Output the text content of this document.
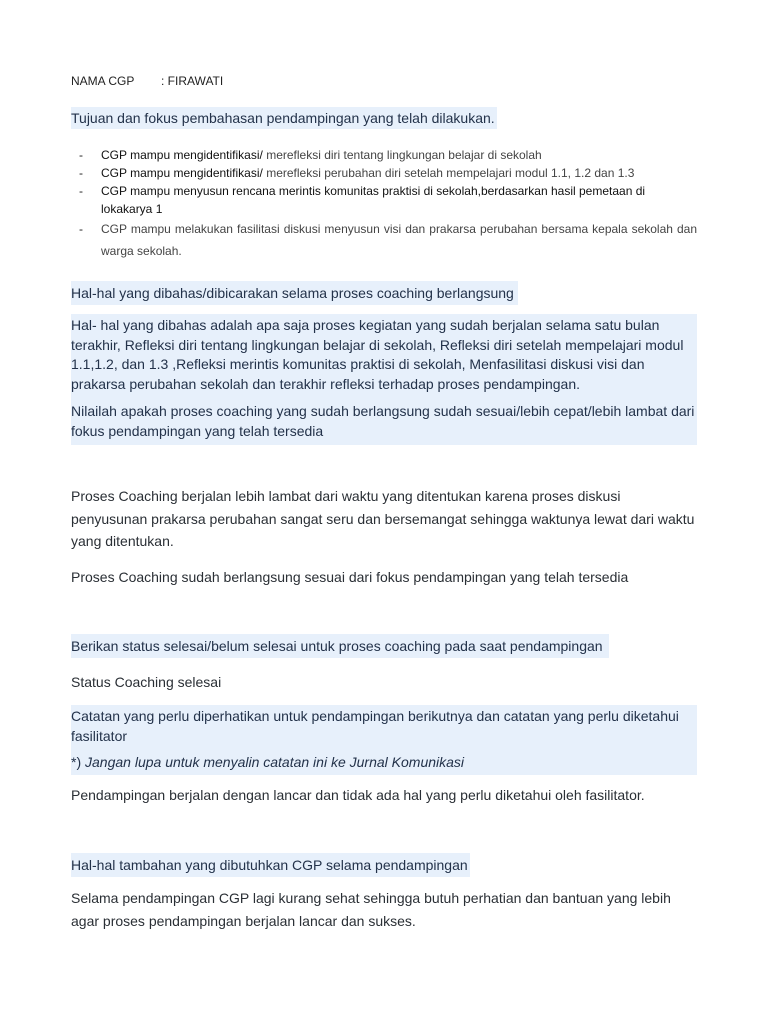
NAMA CGP : FIRAWATI
Tujuan dan fokus pembahasan pendampingan yang telah dilakukan.
- CGP mampu mengidentifikasi/ merefleksi diri tentang lingkungan belajar di sekolah
- CGP mampu mengidentifikasi/ merefleksi perubahan diri setelah mempelajari modul 1.1, 1.2 dan 1.3
- CGP mampu menyusun rencana merintis komunitas praktisi di sekolah,berdasarkan hasil pemetaan di lokakarya 1
- CGP mampu melakukan fasilitasi diskusi menyusun visi dan prakarsa perubahan bersama kepala sekolah dan warga sekolah.
Hal-hal yang dibahas/dibicarakan selama proses coaching berlangsung

Hal- hal yang dibahas adalah apa saja proses kegiatan yang sudah berjalan selama satu bulan terakhir, Refleksi diri tentang lingkungan belajar di sekolah, Refleksi diri setelah mempelajari modul 1.1,1.2, dan 1.3 ,Refleksi merintis komunitas praktisi di sekolah, Menfasilitasi diskusi visi dan prakarsa perubahan sekolah dan terakhir refleksi terhadap proses pendampingan.

Nilailah apakah proses coaching yang sudah berlangsung sudah sesuai/lebih cepat/lebih lambat dari fokus pendampingan yang telah tersedia

Proses Coaching berjalan lebih lambat dari waktu yang ditentukan karena proses diskusi penyusunan prakarsa perubahan sangat seru dan bersemangat sehingga waktunya lewat dari waktu yang ditentukan.

Proses Coaching sudah berlangsung sesuai dari fokus pendampingan yang telah tersedia

Berikan status selesai/belum selesai untuk proses coaching pada saat pendampingan

Status Coaching selesai

Catatan yang perlu diperhatikan untuk pendampingan berikutnya dan catatan yang perlu diketahui fasilitator

*) Jangan lupa untuk menyalin catatan ini ke Jurnal Komunikasi

Pendampingan berjalan dengan lancar dan tidak ada hal yang perlu diketahui oleh fasilitator.

Hal-hal tambahan yang dibutuhkan CGP selama pendampingan

Selama pendampingan CGP lagi kurang sehat sehingga butuh perhatian dan bantuan yang lebih agar proses pendampingan berjalan lancar dan sukses.
